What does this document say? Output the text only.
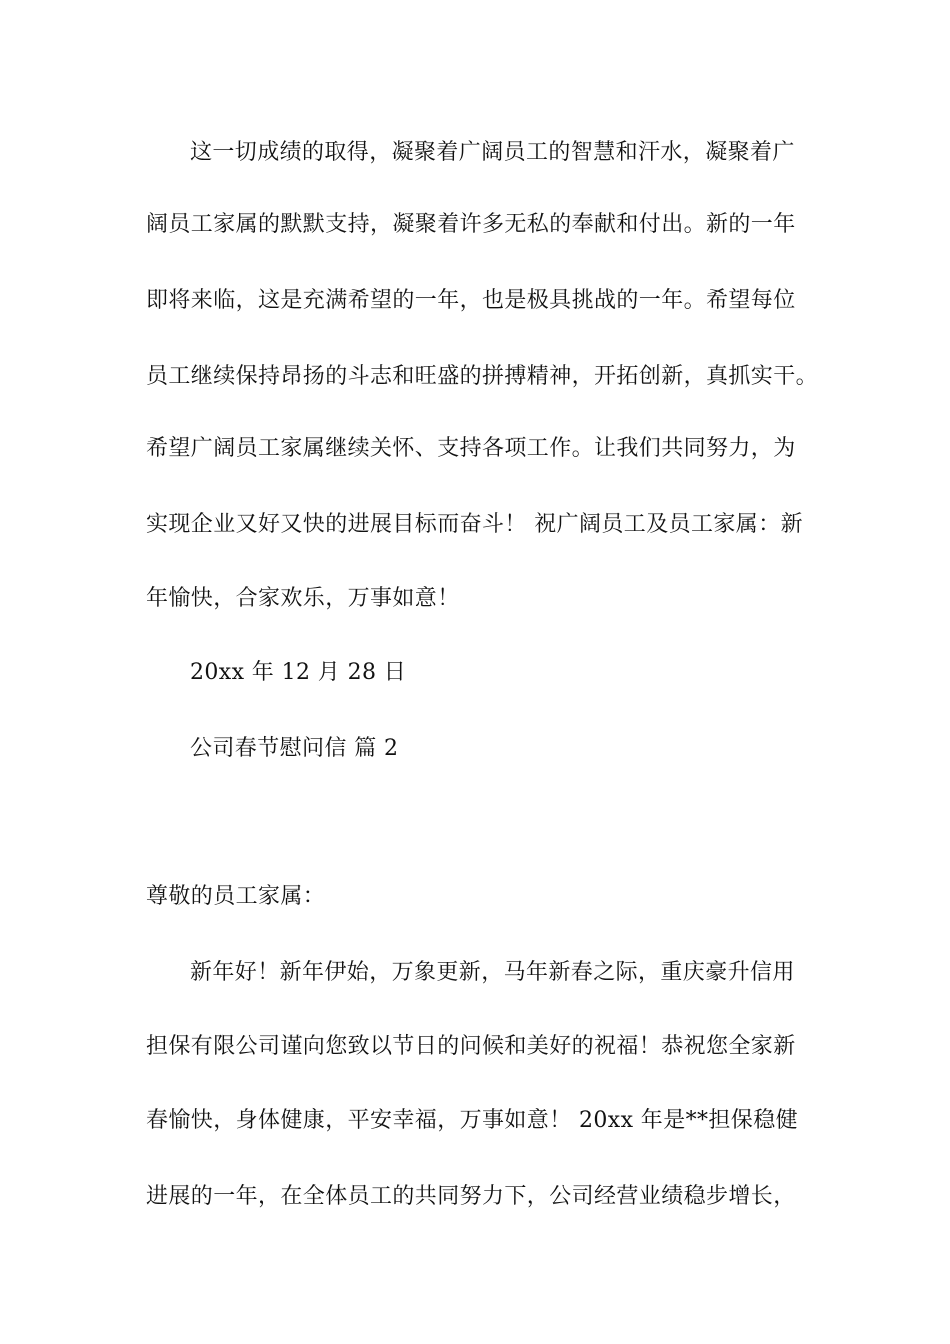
这一切成绩的取得，凝聚着广阔员工的智慧和汗水，凝聚着广
阔员工家属的默默支持，凝聚着许多无私的奉献和付出。新的一年
即将来临，这是充满希望的一年，也是极具挑战的一年。希望每位
员工继续保持昂扬的斗志和旺盛的拼搏精神，开拓创新，真抓实干。
希望广阔员工家属继续关怀、支持各项工作。让我们共同努力，为
实现企业又好又快的进展目标而奋斗！ 祝广阔员工及员工家属：新
年愉快，合家欢乐，万事如意！
20xx 年 12 月 28 日
公司春节慰问信 篇 2
尊敬的员工家属：
新年好！新年伊始，万象更新，马年新春之际，重庆豪升信用
担保有限公司谨向您致以节日的问候和美好的祝福！恭祝您全家新
春愉快，身体健康，平安幸福，万事如意！ 20xx 年是**担保稳健
进展的一年，在全体员工的共同努力下，公司经营业绩稳步增长，
